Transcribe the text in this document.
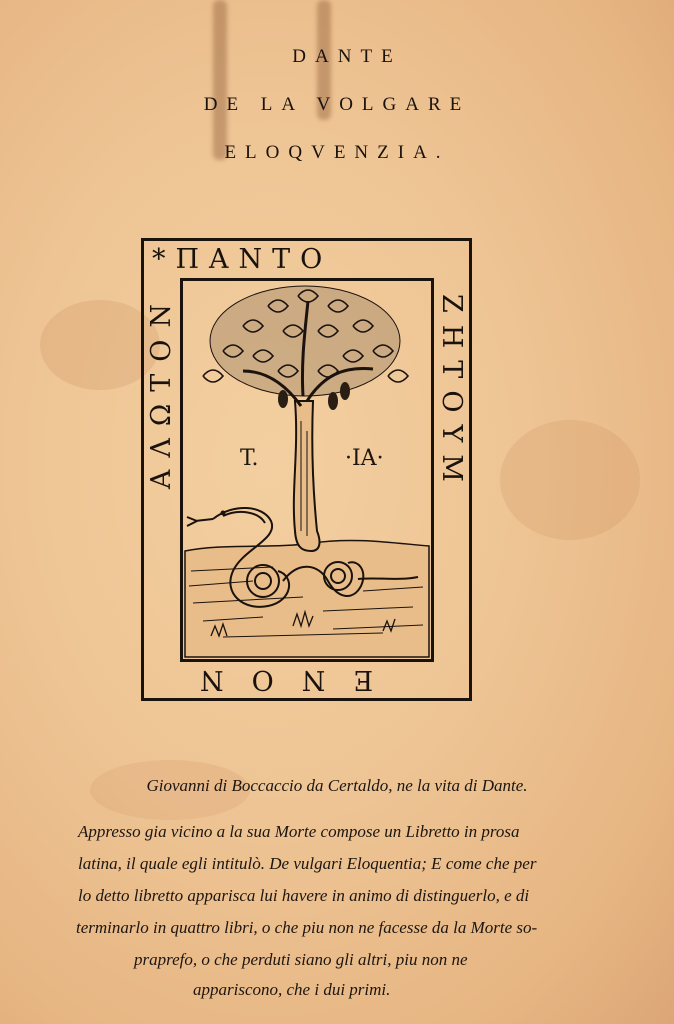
DANTE
DE LA VOLGARE
ELOQVENZIA.
*ΠΑΝΤΟ
ΖΗΤΟΥΜ
ΕΝΟΝ
ΑΛΩΤΟΝ	T.	·IA·
Giovanni di Boccaccio da Certaldo, ne la vita di Dante.
Appresso gia vicino a la sua Morte compose un Libretto in prosa
latina, il quale egli intitulò. De vulgari Eloquentia; E come che per
lo detto libretto apparisca lui havere in animo di distinguerlo, e di
terminarlo in quattro libri, o che piu non ne facesse da la Morte so-
praprefo, o che perduti siano gli altri, piu non ne
appariscono, che i dui primi.
